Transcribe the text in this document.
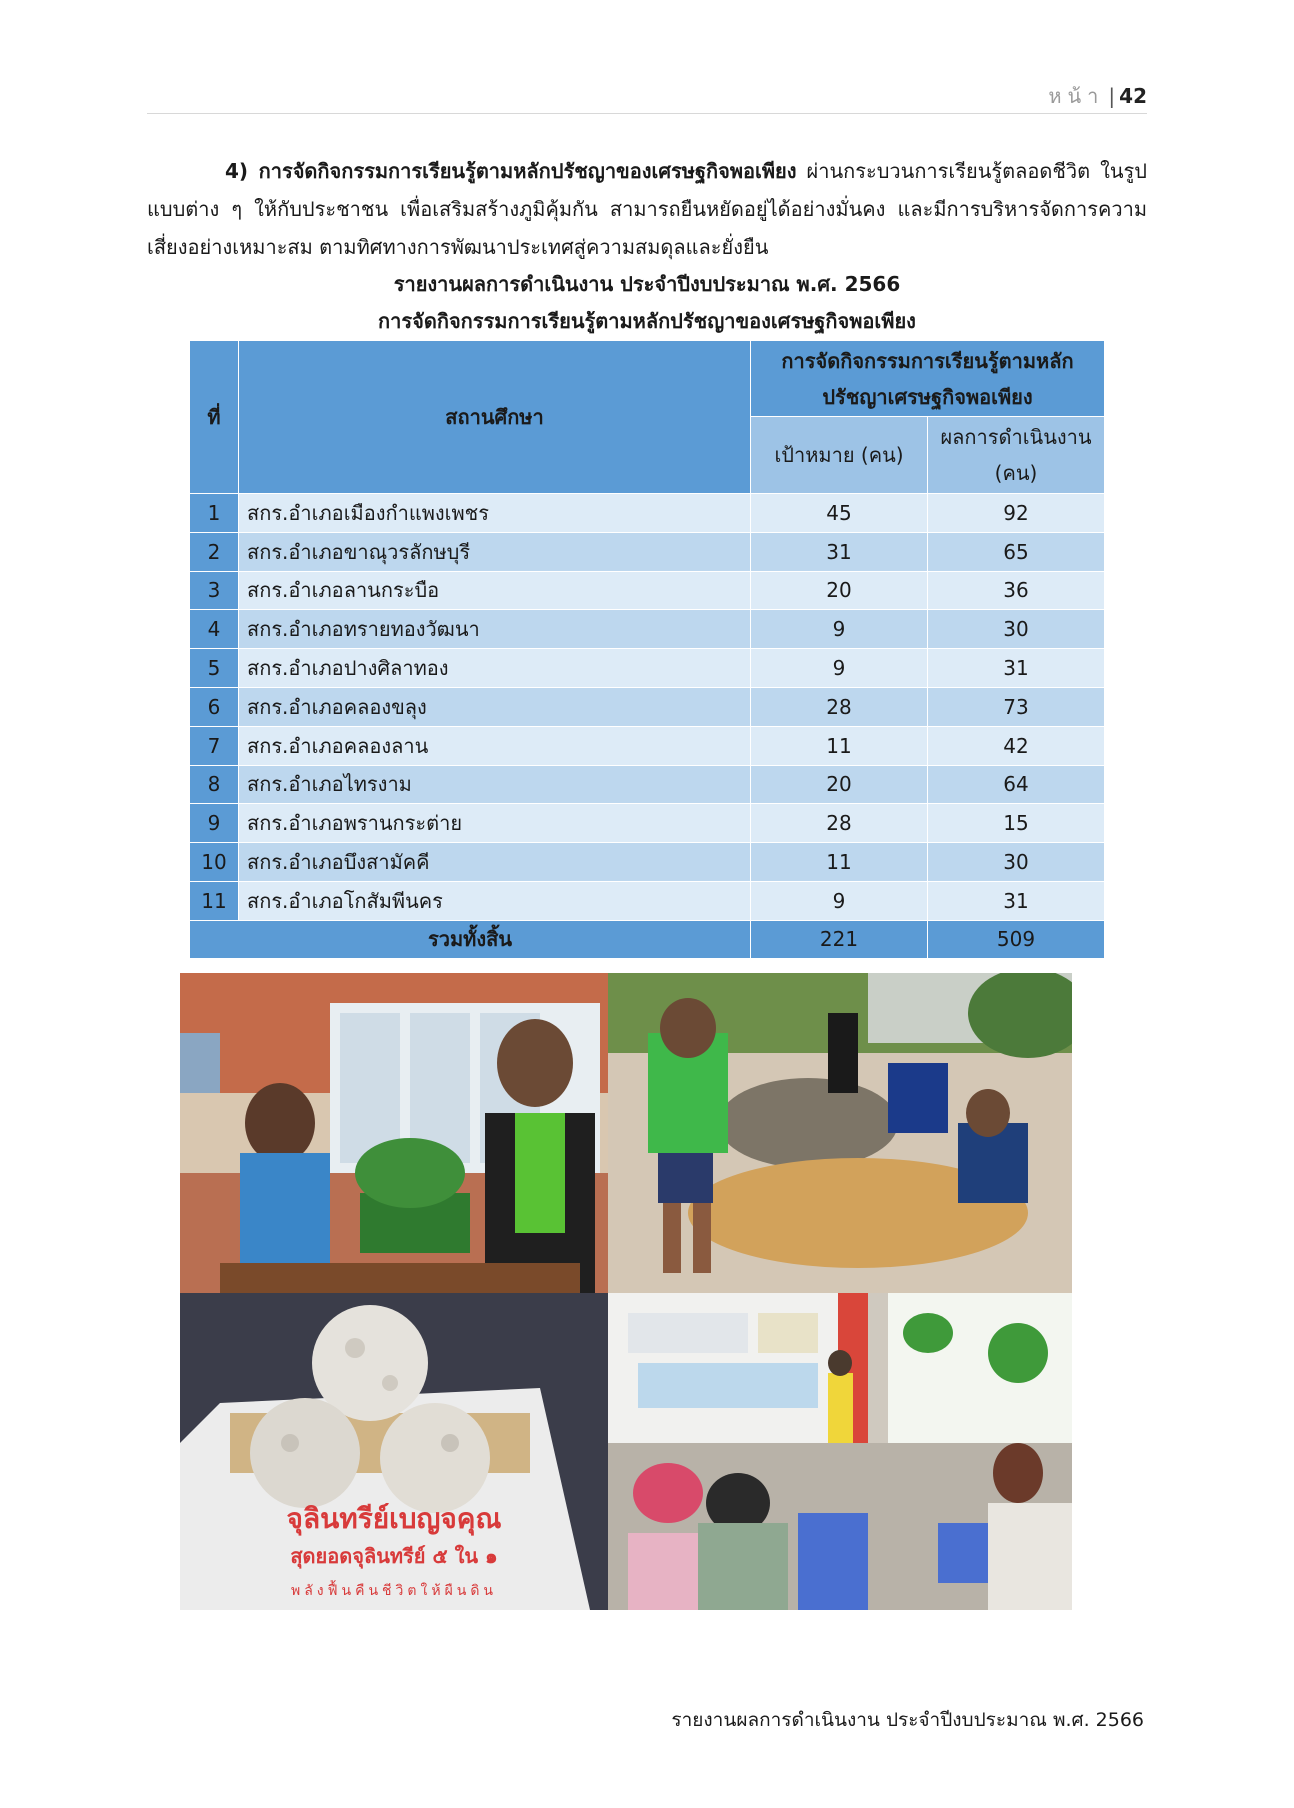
หน้า | 42
4) การจัดกิจกรรมการเรียนรู้ตามหลักปรัชญาของเศรษฐกิจพอเพียง ผ่านกระบวนการเรียนรู้ตลอดชีวิต ในรูปแบบต่าง ๆ ให้กับประชาชน เพื่อเสริมสร้างภูมิคุ้มกัน สามารถยืนหยัดอยู่ได้อย่างมั่นคง และมีการบริหารจัดการความเสี่ยงอย่างเหมาะสม ตามทิศทางการพัฒนาประเทศสู่ความสมดุลและยั่งยืน
รายงานผลการดำเนินงาน ประจำปีงบประมาณ พ.ศ. 2566
การจัดกิจกรรมการเรียนรู้ตามหลักปรัชญาของเศรษฐกิจพอเพียง
ที่	สถานศึกษา	การจัดกิจกรรมการเรียนรู้ตามหลักปรัชญาเศรษฐกิจพอเพียง	
		เป้าหมาย (คน)	ผลการดำเนินงาน (คน)
1	สกร.อำเภอเมืองกำแพงเพชร	45	92
2	สกร.อำเภอขาณุวรลักษบุรี	31	65
3	สกร.อำเภอลานกระบือ	20	36
4	สกร.อำเภอทรายทองวัฒนา	9	30
5	สกร.อำเภอปางศิลาทอง	9	31
6	สกร.อำเภอคลองขลุง	28	73
7	สกร.อำเภอคลองลาน	11	42
8	สกร.อำเภอไทรงาม	20	64
9	สกร.อำเภอพรานกระต่าย	28	15
10	สกร.อำเภอบึงสามัคคี	11	30
11	สกร.อำเภอโกสัมพีนคร	9	31
รวมทั้งสิ้น		221	509
จุลินทรีย์เบญจคุณ
สุดยอดจุลินทรีย์ ๕ ใน ๑
พลังฟื้นคืนชีวิตให้ผืนดิน
รายงานผลการดำเนินงาน ประจำปีงบประมาณ พ.ศ. 2566
